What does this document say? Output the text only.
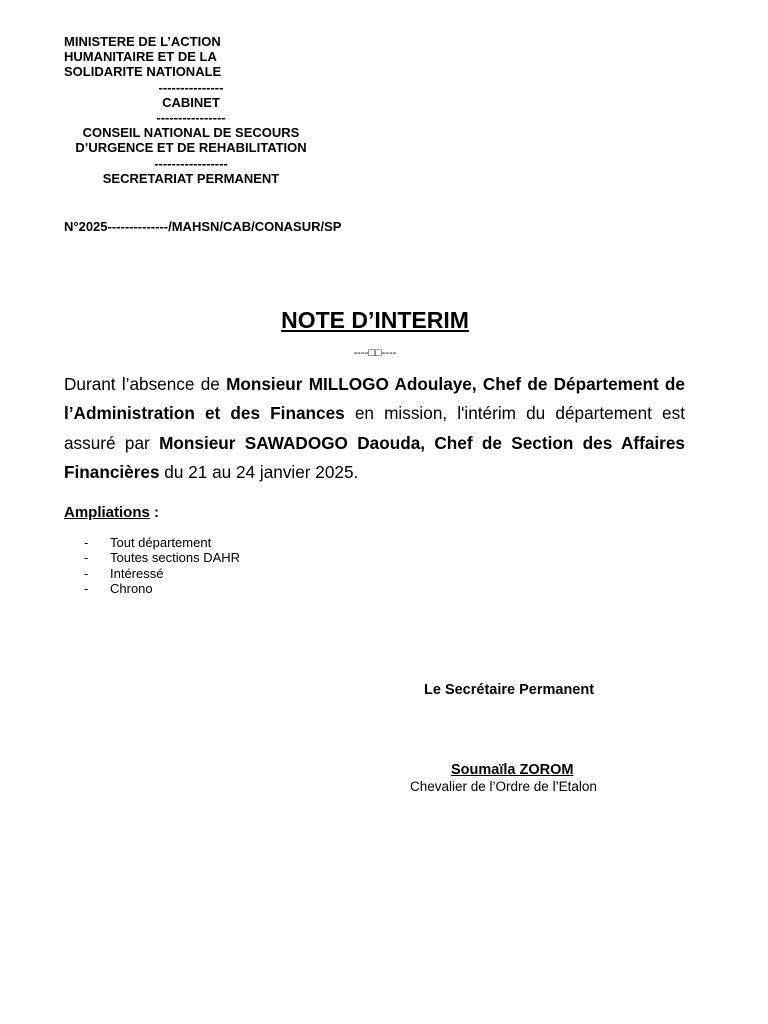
MINISTERE DE L’ACTION
HUMANITAIRE ET DE LA
SOLIDARITE NATIONALE
---------------
CABINET
----------------
CONSEIL NATIONAL DE SECOURS
D’URGENCE ET DE REHABILITATION
-----------------
SECRETARIAT PERMANENT
N°2025--------------/MAHSN/CAB/CONASUR/SP
NOTE D’INTERIM
----□□----
Durant l’absence de Monsieur MILLOGO Adoulaye, Chef de Département de l’Administration et des Finances en mission, l'intérim du département est assuré par Monsieur SAWADOGO Daouda, Chef de Section des Affaires Financières du 21 au 24 janvier 2025.
Ampliations :
-	Tout département
-	Toutes sections DAHR
-	Intéressé
-	Chrono
Le Secrétaire Permanent
Soumaïla ZOROM
Chevalier de l’Ordre de l’Etalon
